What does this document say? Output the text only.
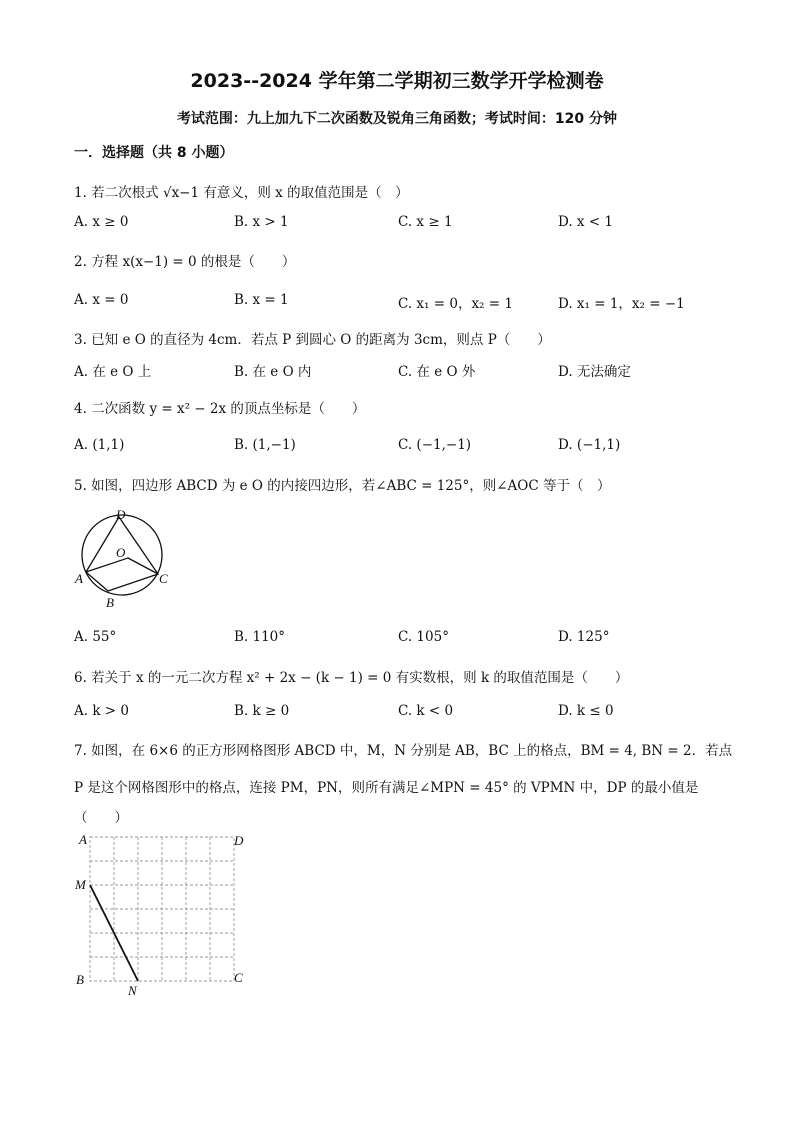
2023--2024 学年第二学期初三数学开学检测卷
考试范围：九上加九下二次函数及锐角三角函数；考试时间：120 分钟
一．选择题（共 8 小题）
1. 若二次根式 √x−1 有意义，则 x 的取值范围是（　）
A. x ≥ 0	B. x > 1	C. x ≥ 1	D. x < 1
2. 方程 x(x−1) = 0 的根是（　　）
A. x = 0	B. x = 1	C. x₁ = 0，x₂ = 1	D. x₁ = 1，x₂ = −1
3. 已知 e O 的直径为 4cm．若点 P 到圆心 O 的距离为 3cm，则点 P（　　）
A. 在 e O 上	B. 在 e O 内	C. 在 e O 外	D. 无法确定
4. 二次函数 y = x² − 2x 的顶点坐标是（　　）
A. (1,1)	B. (1,−1)	C. (−1,−1)	D. (−1,1)
5. 如图，四边形 ABCD 为 e O 的内接四边形，若∠ABC = 125°，则∠AOC 等于（　）
D
O
A	C
B
A. 55°	B. 110°	C. 105°	D. 125°
6. 若关于 x 的一元二次方程 x² + 2x − (k − 1) = 0 有实数根，则 k 的取值范围是（　　）
A. k > 0	B. k ≥ 0	C. k < 0	D. k ≤ 0
7. 如图，在 6×6 的正方形网格图形 ABCD 中，M，N 分别是 AB，BC 上的格点，BM = 4, BN = 2．若点
P 是这个网格图形中的格点，连接 PM，PN，则所有满足∠MPN = 45° 的 VPMN 中，DP 的最小值是
（　　）
A	D
M
B	C
N
